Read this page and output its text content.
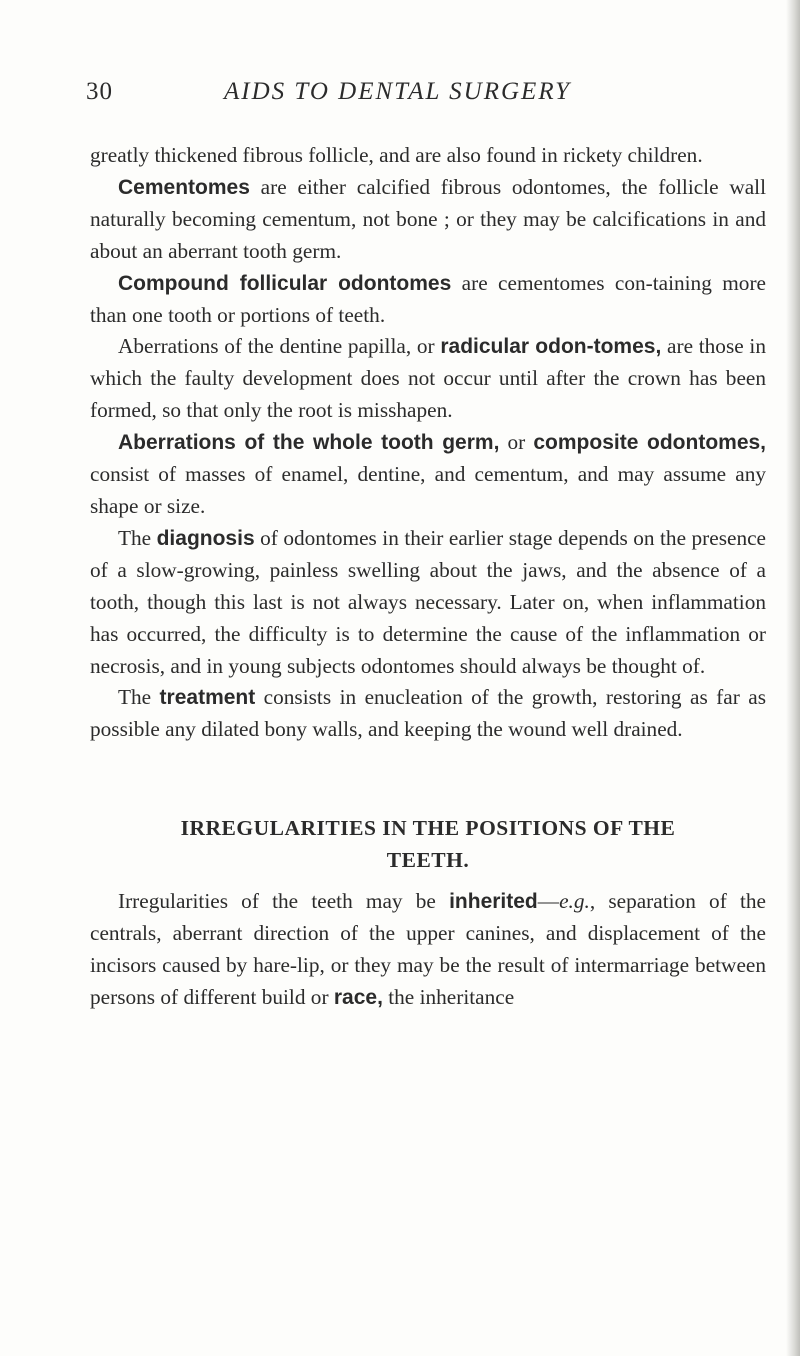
30	AIDS TO DENTAL SURGERY

greatly thickened fibrous follicle, and are also found in rickety children.

Cementomes are either calcified fibrous odontomes, the follicle wall naturally becoming cementum, not bone ; or they may be calcifications in and about an aberrant tooth germ.

Compound follicular odontomes are cementomes con-taining more than one tooth or portions of teeth.

Aberrations of the dentine papilla, or radicular odon-tomes, are those in which the faulty development does not occur until after the crown has been formed, so that only the root is misshapen.

Aberrations of the whole tooth germ, or composite odontomes, consist of masses of enamel, dentine, and cementum, and may assume any shape or size.

The diagnosis of odontomes in their earlier stage depends on the presence of a slow-growing, painless swelling about the jaws, and the absence of a tooth, though this last is not always necessary. Later on, when inflammation has occurred, the difficulty is to determine the cause of the inflammation or necrosis, and in young subjects odontomes should always be thought of.

The treatment consists in enucleation of the growth, restoring as far as possible any dilated bony walls, and keeping the wound well drained.

IRREGULARITIES IN THE POSITIONS OF THE
TEETH.

Irregularities of the teeth may be inherited—e.g., separation of the centrals, aberrant direction of the upper canines, and displacement of the incisors caused by hare-lip, or they may be the result of intermarriage between persons of different build or race, the inheritance
